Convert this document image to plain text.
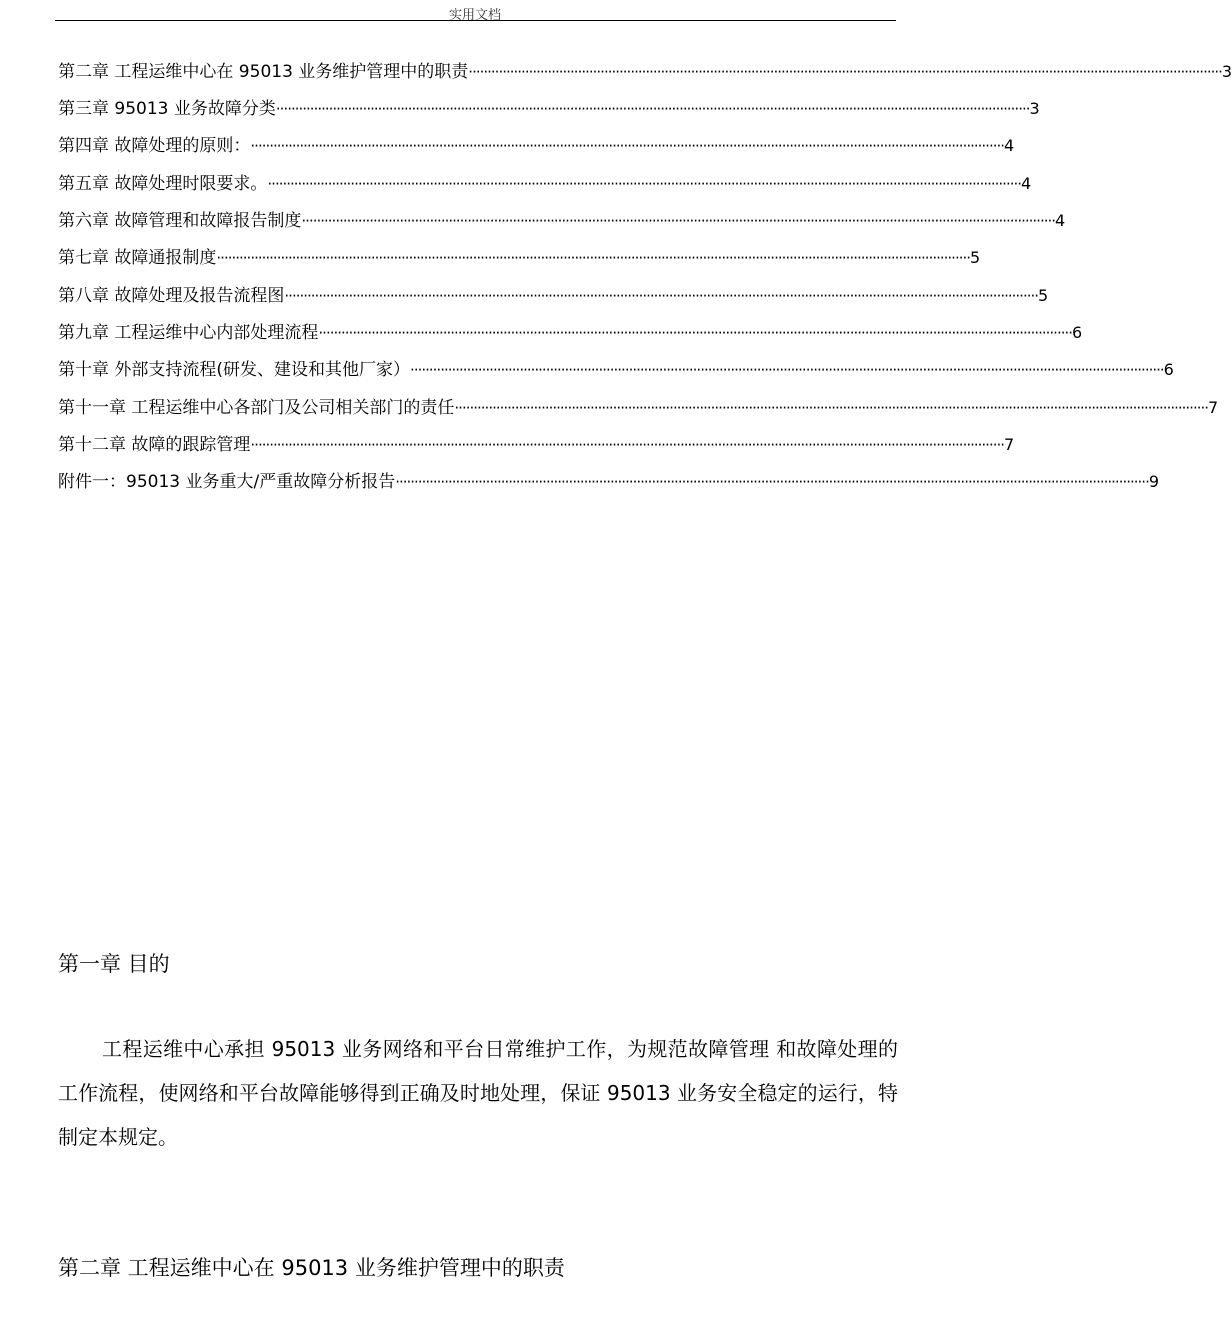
实用文档
第二章 工程运维中心在 95013 业务维护管理中的职责 ········································································································································································································ 3
第三章 95013 业务故障分类 ········································································································································································································ 3
第四章 故障处理的原则： ········································································································································································································ 4
第五章 故障处理时限要求。 ········································································································································································································ 4
第六章 故障管理和故障报告制度 ········································································································································································································ 4
第七章 故障通报制度 ········································································································································································································ 5
第八章 故障处理及报告流程图 ········································································································································································································ 5
第九章 工程运维中心内部处理流程 ········································································································································································································ 6
第十章 外部支持流程(研发、建设和其他厂家） ········································································································································································································ 6
第十一章 工程运维中心各部门及公司相关部门的责任 ········································································································································································································ 7
第十二章 故障的跟踪管理 ········································································································································································································ 7
附件一：95013 业务重大/严重故障分析报告 ········································································································································································································ 9
第一章 目的
工程运维中心承担 95013 业务网络和平台日常维护工作，为规范故障管理 和故障处理的工作流程，使网络和平台故障能够得到正确及时地处理，保证 95013 业务安全稳定的运行，特制定本规定。
第二章 工程运维中心在 95013 业务维护管理中的职责
